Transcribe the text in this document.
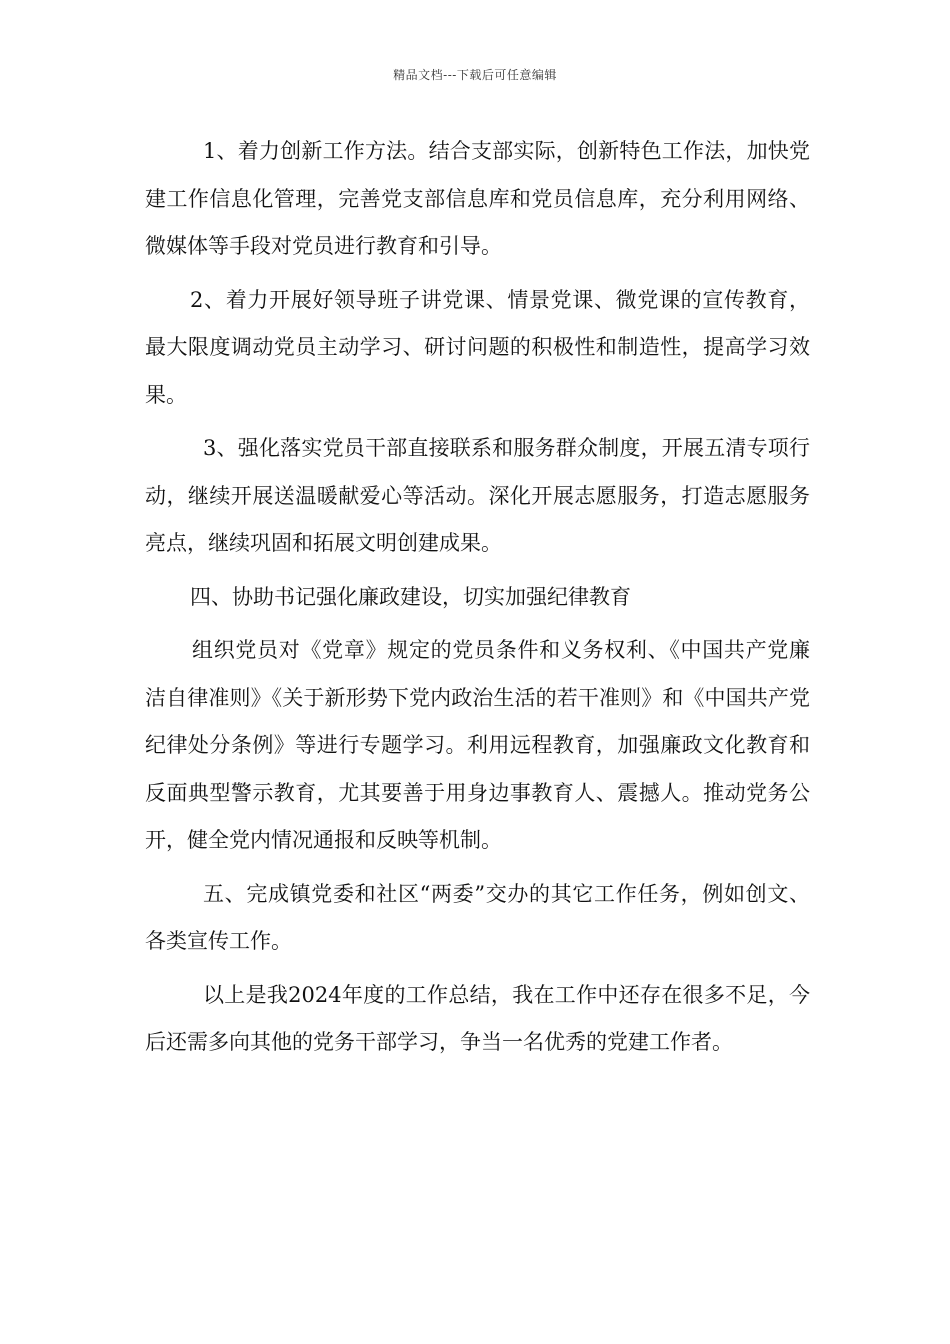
精品文档---下载后可任意编辑

1、着力创新工作方法。结合支部实际，创新特色工作法，加快党建工作信息化管理，完善党支部信息库和党员信息库，充分利用网络、微媒体等手段对党员进行教育和引导。

2、着力开展好领导班子讲党课、情景党课、微党课的宣传教育，最大限度调动党员主动学习、研讨问题的积极性和制造性，提高学习效果。

3、强化落实党员干部直接联系和服务群众制度，开展五清专项行动，继续开展送温暖献爱心等活动。深化开展志愿服务，打造志愿服务亮点，继续巩固和拓展文明创建成果。

四、协助书记强化廉政建设，切实加强纪律教育

组织党员对《党章》规定的党员条件和义务权利、《中国共产党廉洁自律准则》《关于新形势下党内政治生活的若干准则》和《中国共产党纪律处分条例》等进行专题学习。利用远程教育，加强廉政文化教育和反面典型警示教育，尤其要善于用身边事教育人、震撼人。推动党务公开，健全党内情况通报和反映等机制。

五、完成镇党委和社区“两委”交办的其它工作任务，例如创文、各类宣传工作。

以上是我2024年度的工作总结，我在工作中还存在很多不足，今后还需多向其他的党务干部学习，争当一名优秀的党建工作者。
